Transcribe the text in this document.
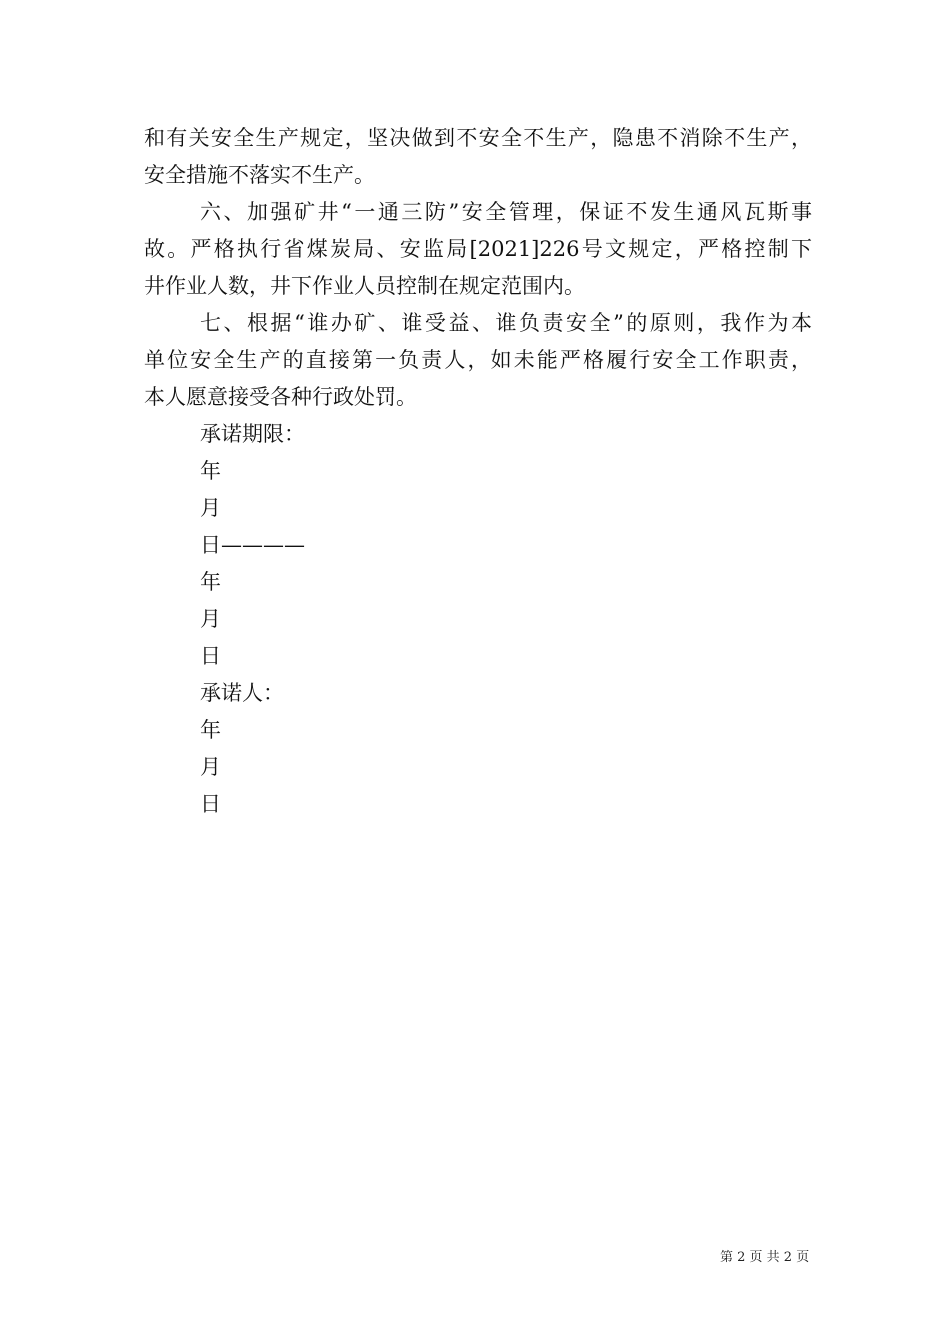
和有关安全生产规定，坚决做到不安全不生产，隐患不消除不生产，
安全措施不落实不生产。
六、加强矿井“一通三防”安全管理，保证不发生通风瓦斯事
故。严格执行省煤炭局、安监局[2021]226号文规定，严格控制下
井作业人数，井下作业人员控制在规定范围内。
七、根据“谁办矿、谁受益、谁负责安全”的原则，我作为本
单位安全生产的直接第一负责人，如未能严格履行安全工作职责，
本人愿意接受各种行政处罚。
承诺期限：
年
月
日————
年
月
日
承诺人：
年
月
日
第 2 页 共 2 页
